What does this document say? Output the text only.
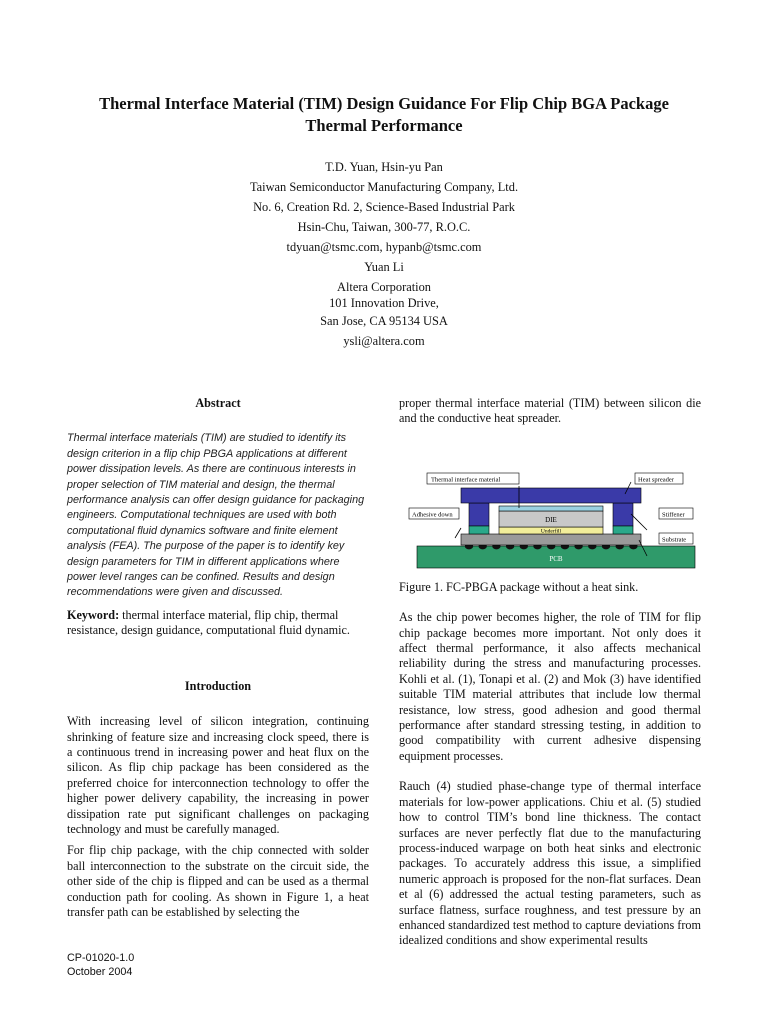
Thermal Interface Material (TIM) Design Guidance For Flip Chip BGA Package
Thermal Performance
T.D. Yuan, Hsin-yu Pan
Taiwan Semiconductor Manufacturing Company, Ltd.
No. 6, Creation Rd. 2, Science-Based Industrial Park
Hsin-Chu, Taiwan, 300-77, R.O.C.
tdyuan@tsmc.com, hypanb@tsmc.com
Yuan Li
Altera Corporation
101 Innovation Drive,
San Jose, CA 95134 USA
ysli@altera.com

Abstract

Thermal interface materials (TIM) are studied to identify its design criterion in a flip chip PBGA applications at different power dissipation levels. As there are continuous interests in proper selection of TIM material and design, the thermal performance analysis can offer design guidance for packaging engineers. Computational techniques are used with both computational fluid dynamics software and finite element analysis (FEA). The purpose of the paper is to identify key design parameters for TIM in different applications where power level ranges can be confined. Results and design recommendations were given and discussed.

Keyword: thermal interface material, flip chip, thermal resistance, design guidance, computational fluid dynamic.

Introduction

With increasing level of silicon integration, continuing shrinking of feature size and increasing clock speed, there is a continuous trend in increasing power and heat flux on the silicon. As flip chip package has been considered as the preferred choice for interconnection technology to offer the higher power delivery capability, the increasing in power dissipation rate put significant challenges on packaging technology and must be carefully managed.

For flip chip package, with the chip connected with solder ball interconnection to the substrate on the circuit side, the other side of the chip is flipped and can be used as a thermal conduction path for cooling. As shown in Figure 1, a heat transfer path can be established by selecting the

proper thermal interface material (TIM) between silicon die and the conductive heat spreader.

Thermal interface material	Heat spreader
Adhesive down	Stiffener
Substrate
DIE
Underfill
PCB

Figure 1. FC-PBGA package without a heat sink.

As the chip power becomes higher, the role of TIM for flip chip package becomes more important. Not only does it affect thermal performance, it also affects mechanical reliability during the stress and manufacturing processes. Kohli et al. (1), Tonapi et al. (2) and Mok (3) have identified suitable TIM material attributes that include low thermal resistance, low stress, good adhesion and good thermal performance after standard stressing testing, in addition to good compatibility with current adhesive dispensing equipment processes.

Rauch (4) studied phase-change type of thermal interface materials for low-power applications. Chiu et al. (5) studied how to control TIM’s bond line thickness. The contact surfaces are never perfectly flat due to the manufacturing process-induced warpage on both heat sinks and electronic packages. To accurately address this issue, a simplified numeric approach is proposed for the non-flat surfaces. Dean et al (6) addressed the actual testing parameters, such as surface flatness, surface roughness, and test pressure by an enhanced standardized test method to capture deviations from idealized conditions and show experimental results

CP-01020-1.0
October 2004
